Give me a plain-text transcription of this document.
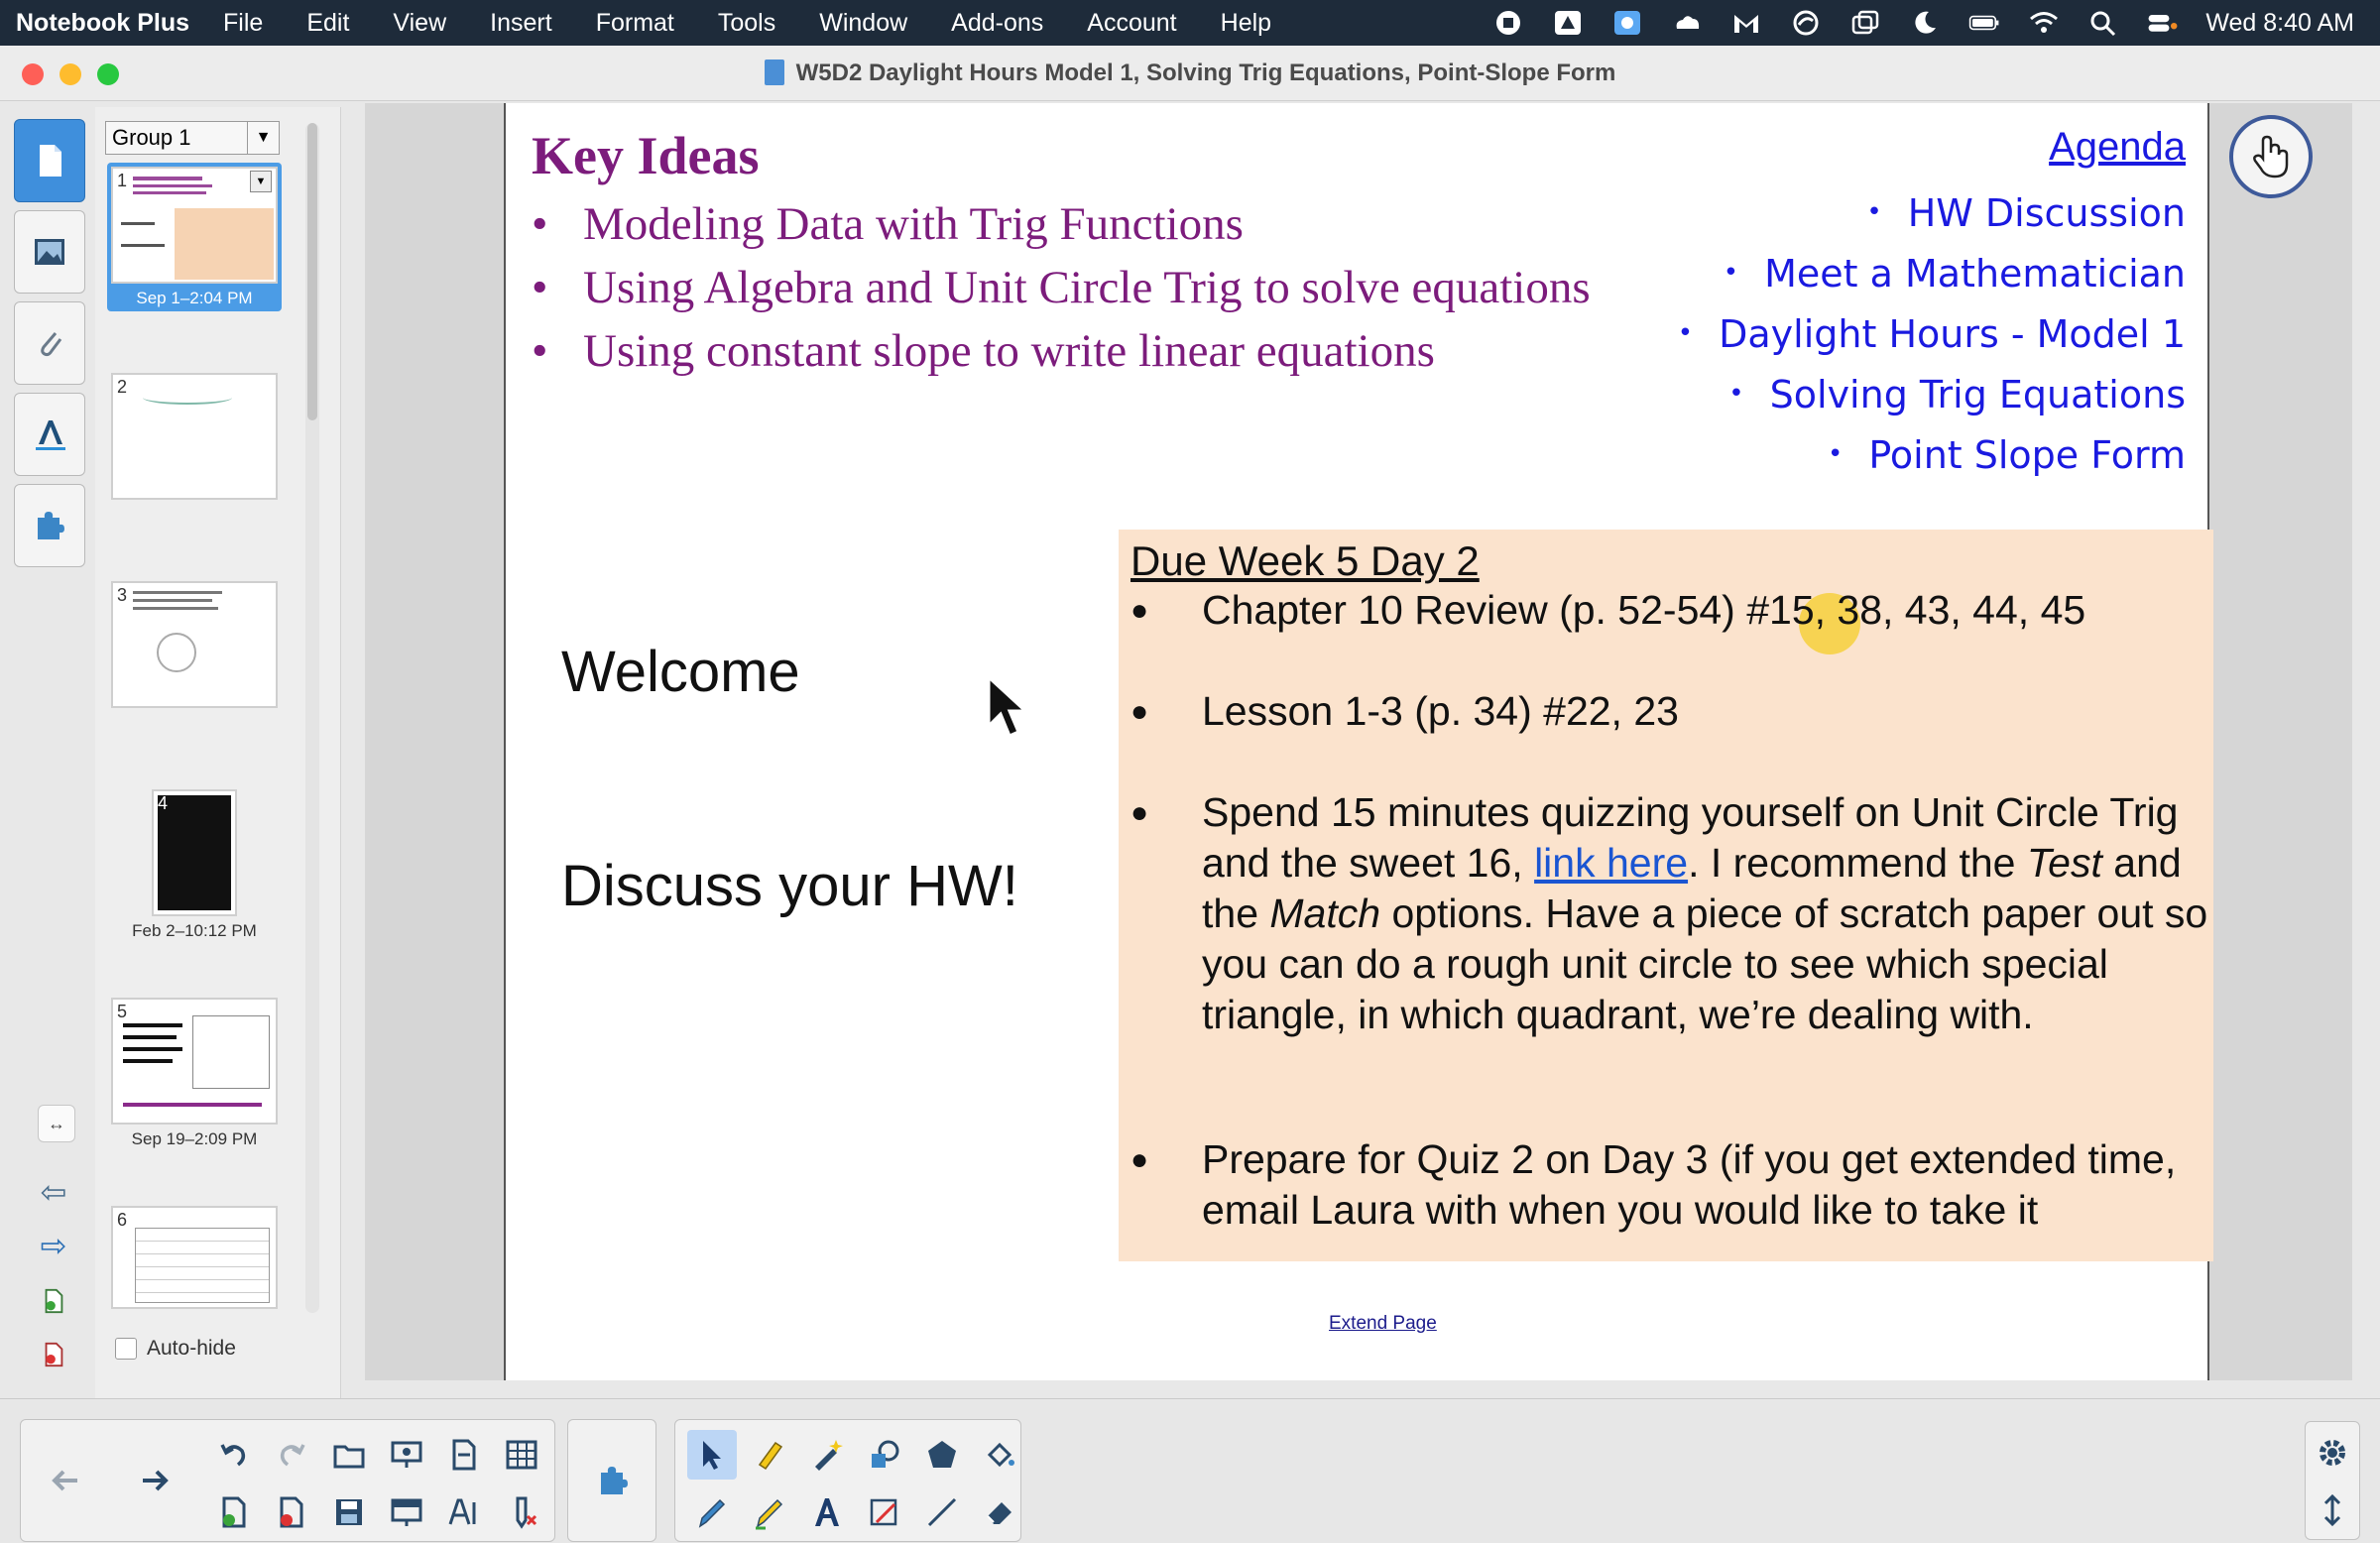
Notebook Plus File Edit View Insert Format Tools Window Add-ons Account Help	Wed 8:40 AM
W5D2 Daylight Hours Model 1, Solving Trig Equations, Point-Slope Form
↔
⇦
⇨
Group 1	▼
1	▼
Sep 1–2:04 PM
2
3
4
Feb 2–10:12 PM
5
Sep 19–2:09 PM
6
Auto-hide
Key Ideas
• Modeling Data with Trig Functions
• Using Algebra and Unit Circle Trig to solve equations
• Using constant slope to write linear equations
Agenda
• HW Discussion
• Meet a Mathematician
• Daylight Hours - Model 1
• Solving Trig Equations
• Point Slope Form
Welcome
Discuss your HW!
Due Week 5 Day 2
● Chapter 10 Review (p. 52-54) #15, 38, 43, 44, 45
● Lesson 1-3 (p. 34) #22, 23
● Spend 15 minutes quizzing yourself on Unit Circle Trig and the sweet 16, link here. I recommend the Test and the Match options. Have a piece of scratch paper out so you can do a rough unit circle to see which special triangle, in which quadrant, we’re dealing with.
● Prepare for Quiz 2 on Day 3 (if you get extended time, email Laura with when you would like to take it
Extend Page
